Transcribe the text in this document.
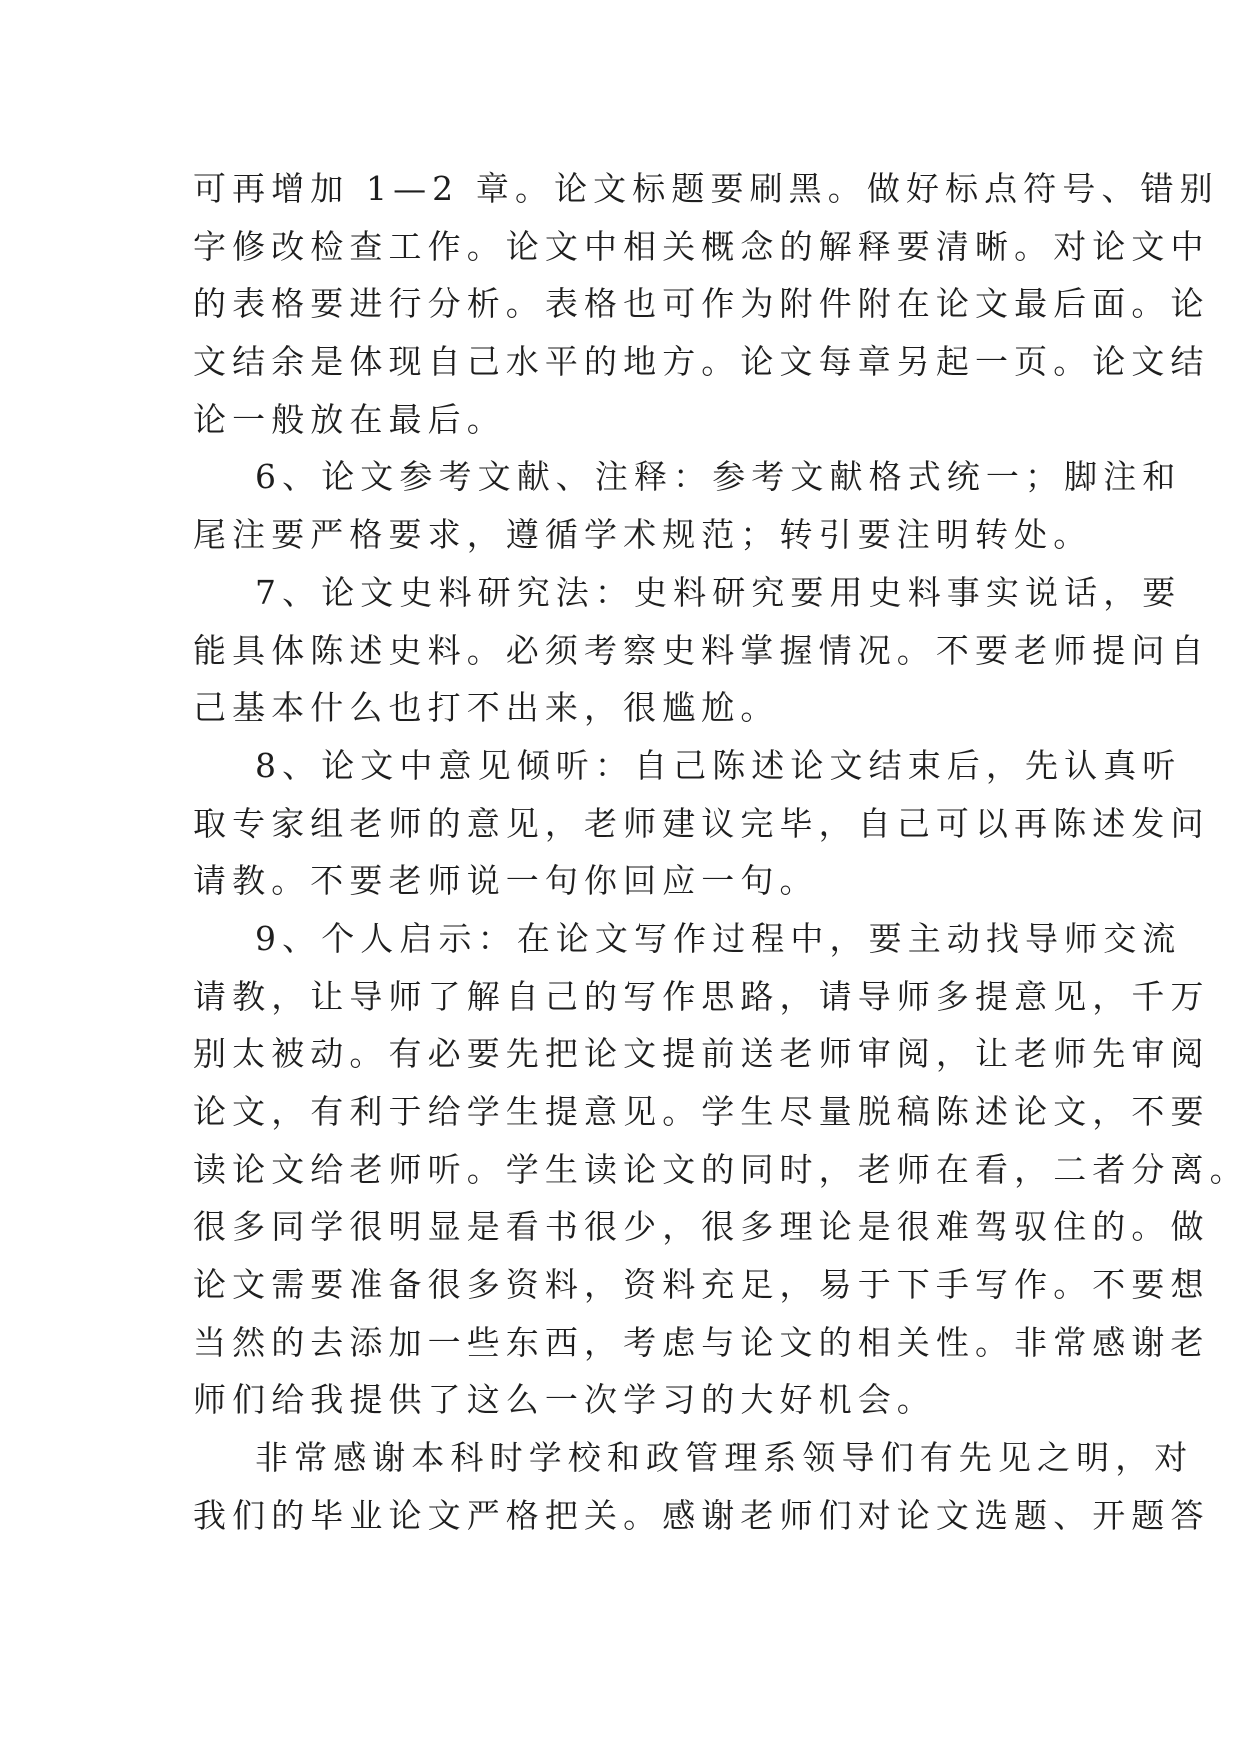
可再增加 1—2 章。论文标题要刷黑。做好标点符号、错别
字修改检查工作。论文中相关概念的解释要清晰。对论文中
的表格要进行分析。表格也可作为附件附在论文最后面。论
文结余是体现自己水平的地方。论文每章另起一页。论文结
论一般放在最后。
6、论文参考文献、注释：参考文献格式统一；脚注和
尾注要严格要求，遵循学术规范；转引要注明转处。
7、论文史料研究法：史料研究要用史料事实说话，要
能具体陈述史料。必须考察史料掌握情况。不要老师提问自
己基本什么也打不出来，很尴尬。
8、论文中意见倾听：自己陈述论文结束后，先认真听
取专家组老师的意见，老师建议完毕，自己可以再陈述发问
请教。不要老师说一句你回应一句。
9、个人启示：在论文写作过程中，要主动找导师交流
请教，让导师了解自己的写作思路，请导师多提意见，千万
别太被动。有必要先把论文提前送老师审阅，让老师先审阅
论文，有利于给学生提意见。学生尽量脱稿陈述论文，不要
读论文给老师听。学生读论文的同时，老师在看，二者分离。
很多同学很明显是看书很少，很多理论是很难驾驭住的。做
论文需要准备很多资料，资料充足，易于下手写作。不要想
当然的去添加一些东西，考虑与论文的相关性。非常感谢老
师们给我提供了这么一次学习的大好机会。
非常感谢本科时学校和政管理系领导们有先见之明，对
我们的毕业论文严格把关。感谢老师们对论文选题、开题答
